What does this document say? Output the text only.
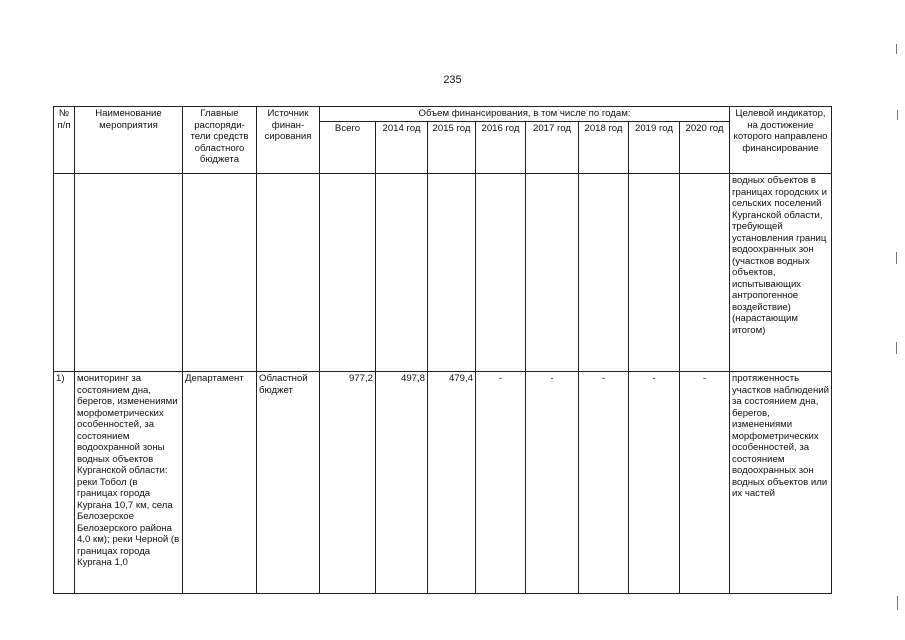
235
№ п/п	Наименование мероприятия	Главные распоряди-тели средств областного бюджета	Источник финан-сирования	Объем финансирования, в том числе по годам:								Целевой индикатор, на достижение которого направлено финансирование
				Всего	2014 год	2015 год	2016 год	2017 год	2018 год	2019 год	2020 год	
												водных объектов в границах городских и сельских поселений Курганской области, требующей установления границ водоохранных зон (участков водных объектов, испытывающих антропогенное воздействие) (нарастающим итогом)
1)	мониторинг за состоянием дна, берегов, изменениями морфометрических особенностей, за состоянием водоохранной зоны водных объектов Курганской области: реки Тобол (в границах города Кургана 10,7 км, села Белозерское Белозерского района 4,0 км); реки Черной (в границах города Кургана 1,0	Департамент	Областной бюджет	977,2	497,8	479,4	-	-	-	-	-	протяженность участков наблюдений за состоянием дна, берегов, изменениями морфометрических особенностей, за состоянием водоохранных зон водных объектов или их частей
